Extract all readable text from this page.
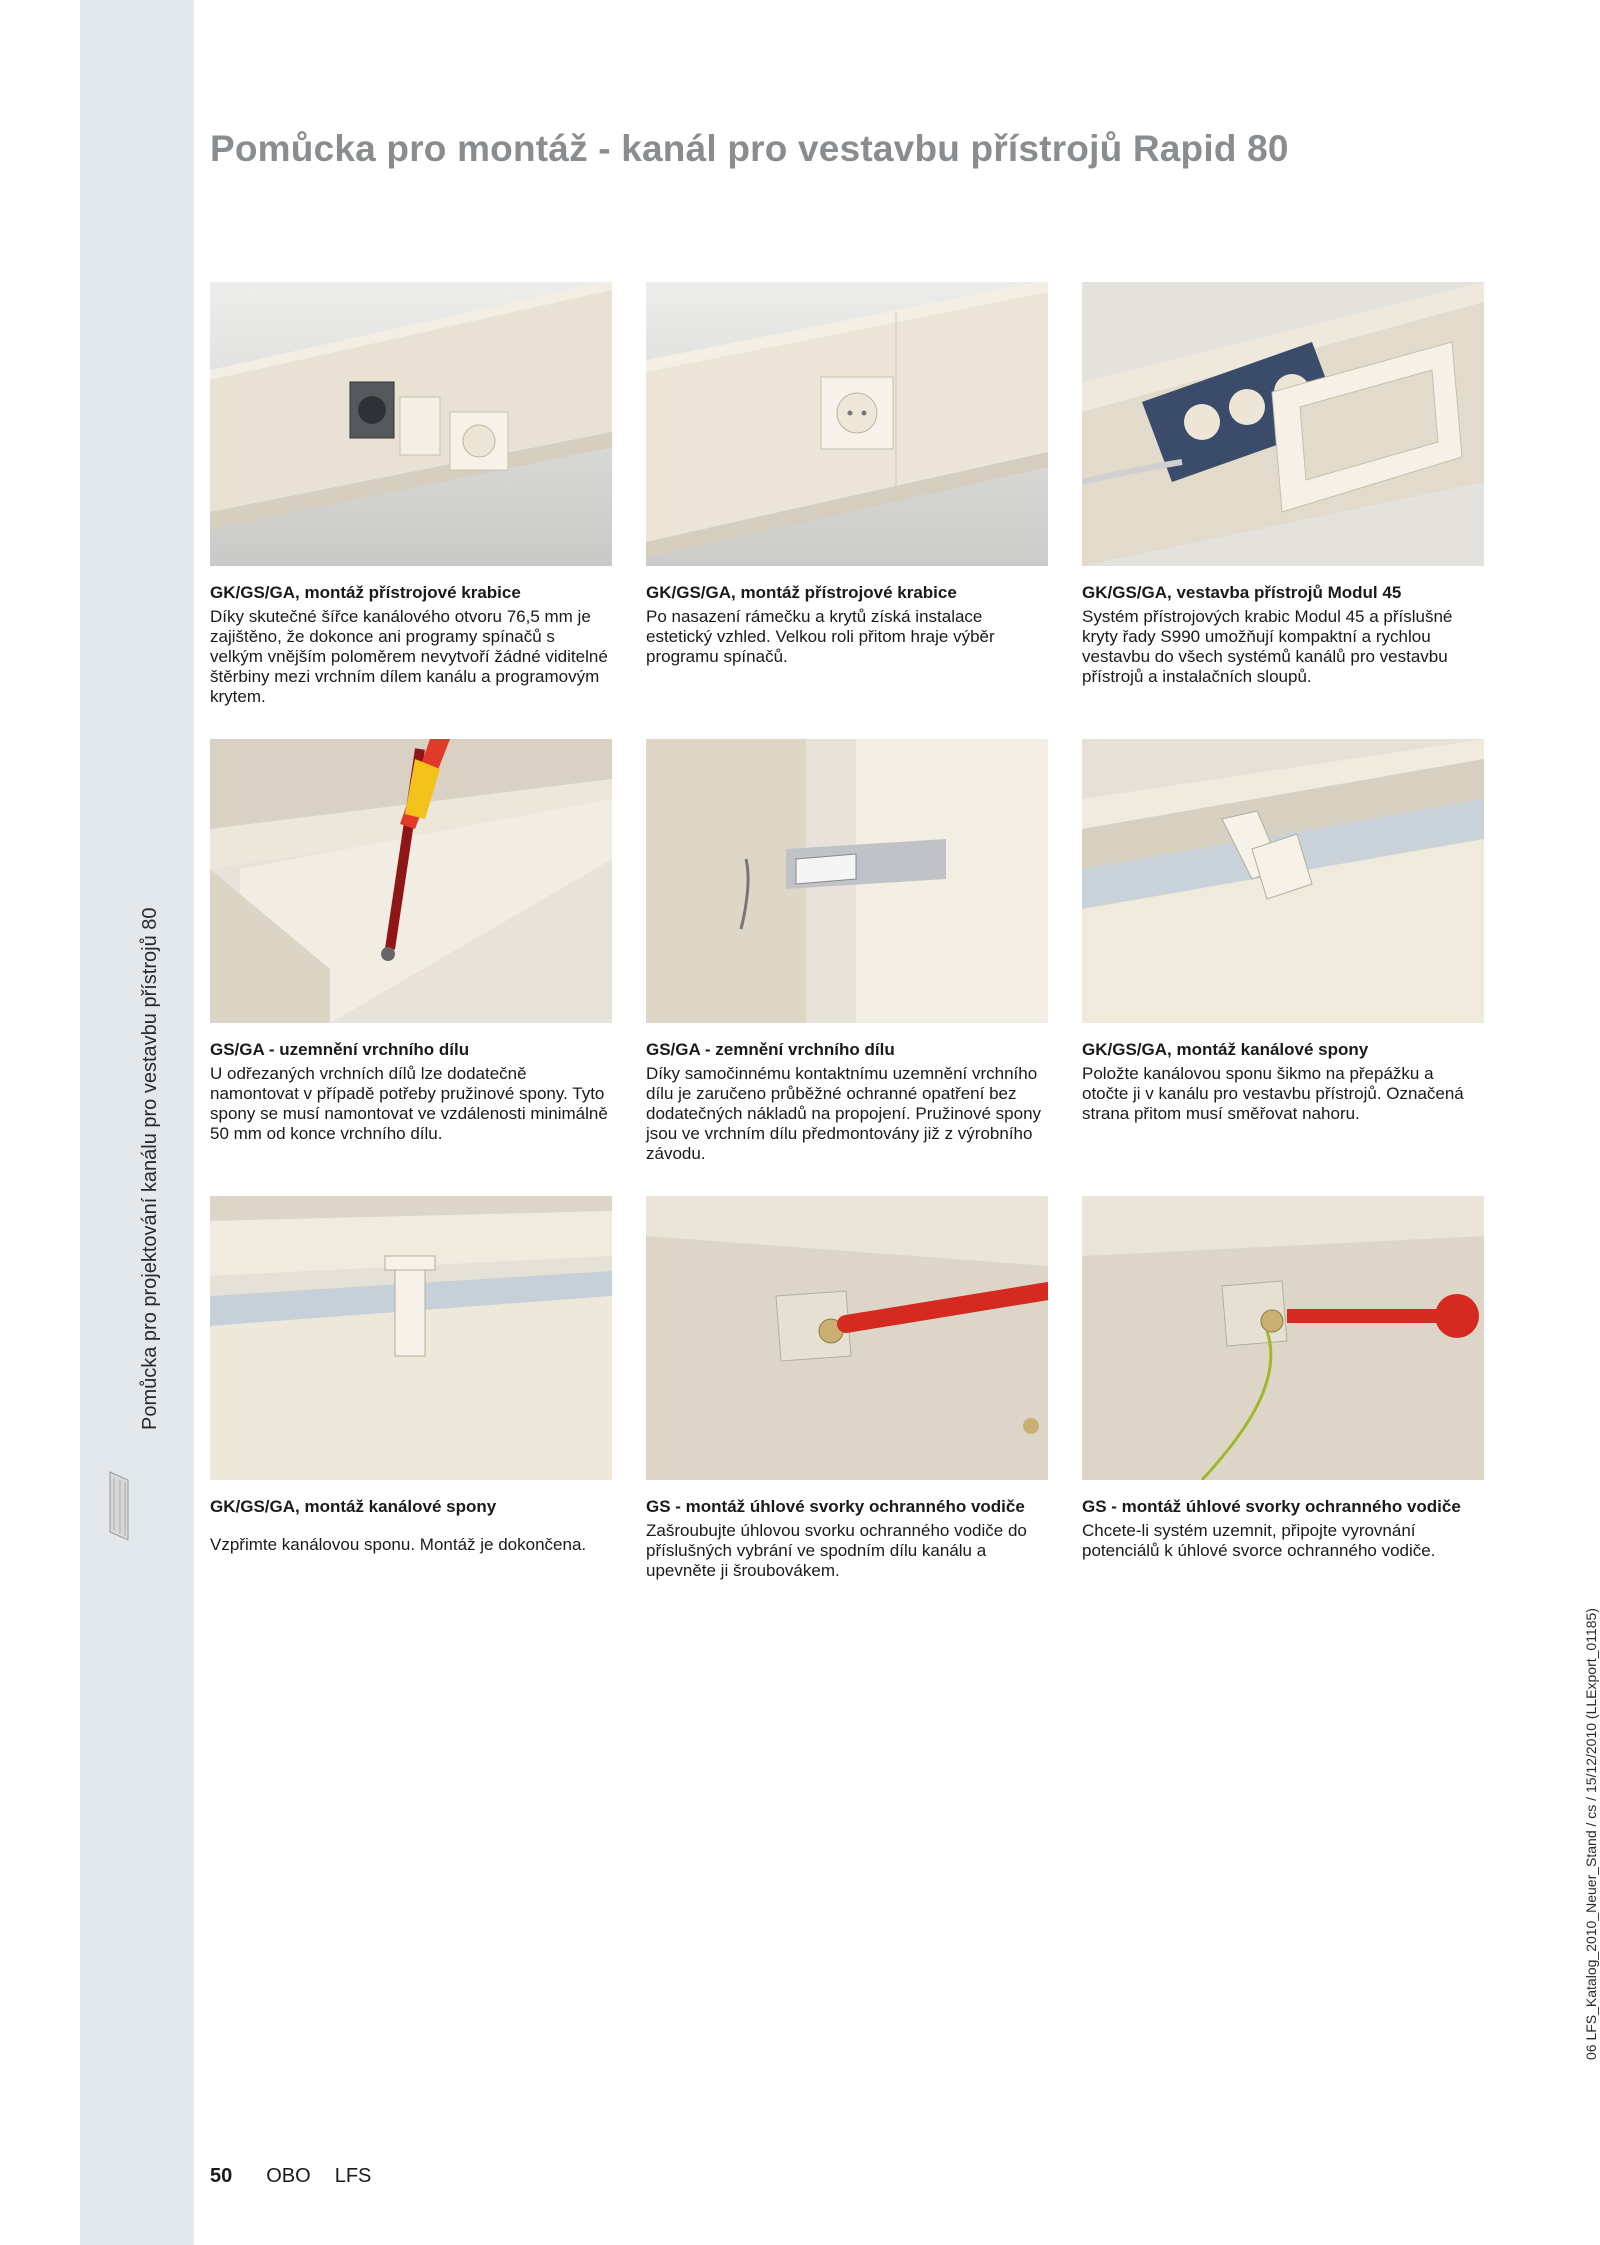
Pomůcka pro projektování kanálu pro vestavbu přístrojů 80
Pomůcka pro montáž - kanál pro vestavbu přístrojů Rapid 80
GK/GS/GA, montáž přístrojové krabice

Díky skutečné šířce kanálového otvoru 76,5 mm je zajištěno, že dokonce ani programy spínačů s velkým vnějším poloměrem nevytvoří žádné viditelné štěrbiny mezi vrchním dílem kanálu a programovým krytem.

GK/GS/GA, montáž přístrojové krabice

Po nasazení rámečku a krytů získá instalace estetický vzhled. Velkou roli přitom hraje výběr programu spínačů.

GK/GS/GA, vestavba přístrojů Modul 45

Systém přístrojových krabic Modul 45 a příslušné kryty řady S990 umožňují kompaktní a rychlou vestavbu do všech systémů kanálů pro vestavbu přístrojů a instalačních sloupů.

GS/GA - uzemnění vrchního dílu

U odřezaných vrchních dílů lze dodatečně namontovat v případě potřeby pružinové spony. Tyto spony se musí namontovat ve vzdálenosti minimálně 50 mm od konce vrchního dílu.

GS/GA - zemnění vrchního dílu

Díky samočinnému kontaktnímu uzemnění vrchního dílu je zaručeno průběžné ochranné opatření bez dodatečných nákladů na propojení. Pružinové spony jsou ve vrchním dílu předmontovány již z výrobního závodu.

GK/GS/GA, montáž kanálové spony

Položte kanálovou sponu šikmo na přepážku a otočte ji v kanálu pro vestavbu přístrojů. Označená strana přitom musí směřovat nahoru.

GK/GS/GA, montáž kanálové spony

Vzpřimte kanálovou sponu. Montáž je dokončena.

GS - montáž úhlové svorky ochranného vodiče

Zašroubujte úhlovou svorku ochranného vodiče do příslušných vybrání ve spodním dílu kanálu a upevněte ji šroubovákem.

GS - montáž úhlové svorky ochranného vodiče

Chcete-li systém uzemnit, připojte vyrovnání potenciálů k úhlové svorce ochranného vodiče.

50 OBO LFS
06 LFS_Katalog_2010_Neuer_Stand / cs / 15/12/2010 (LLExport_01185)
